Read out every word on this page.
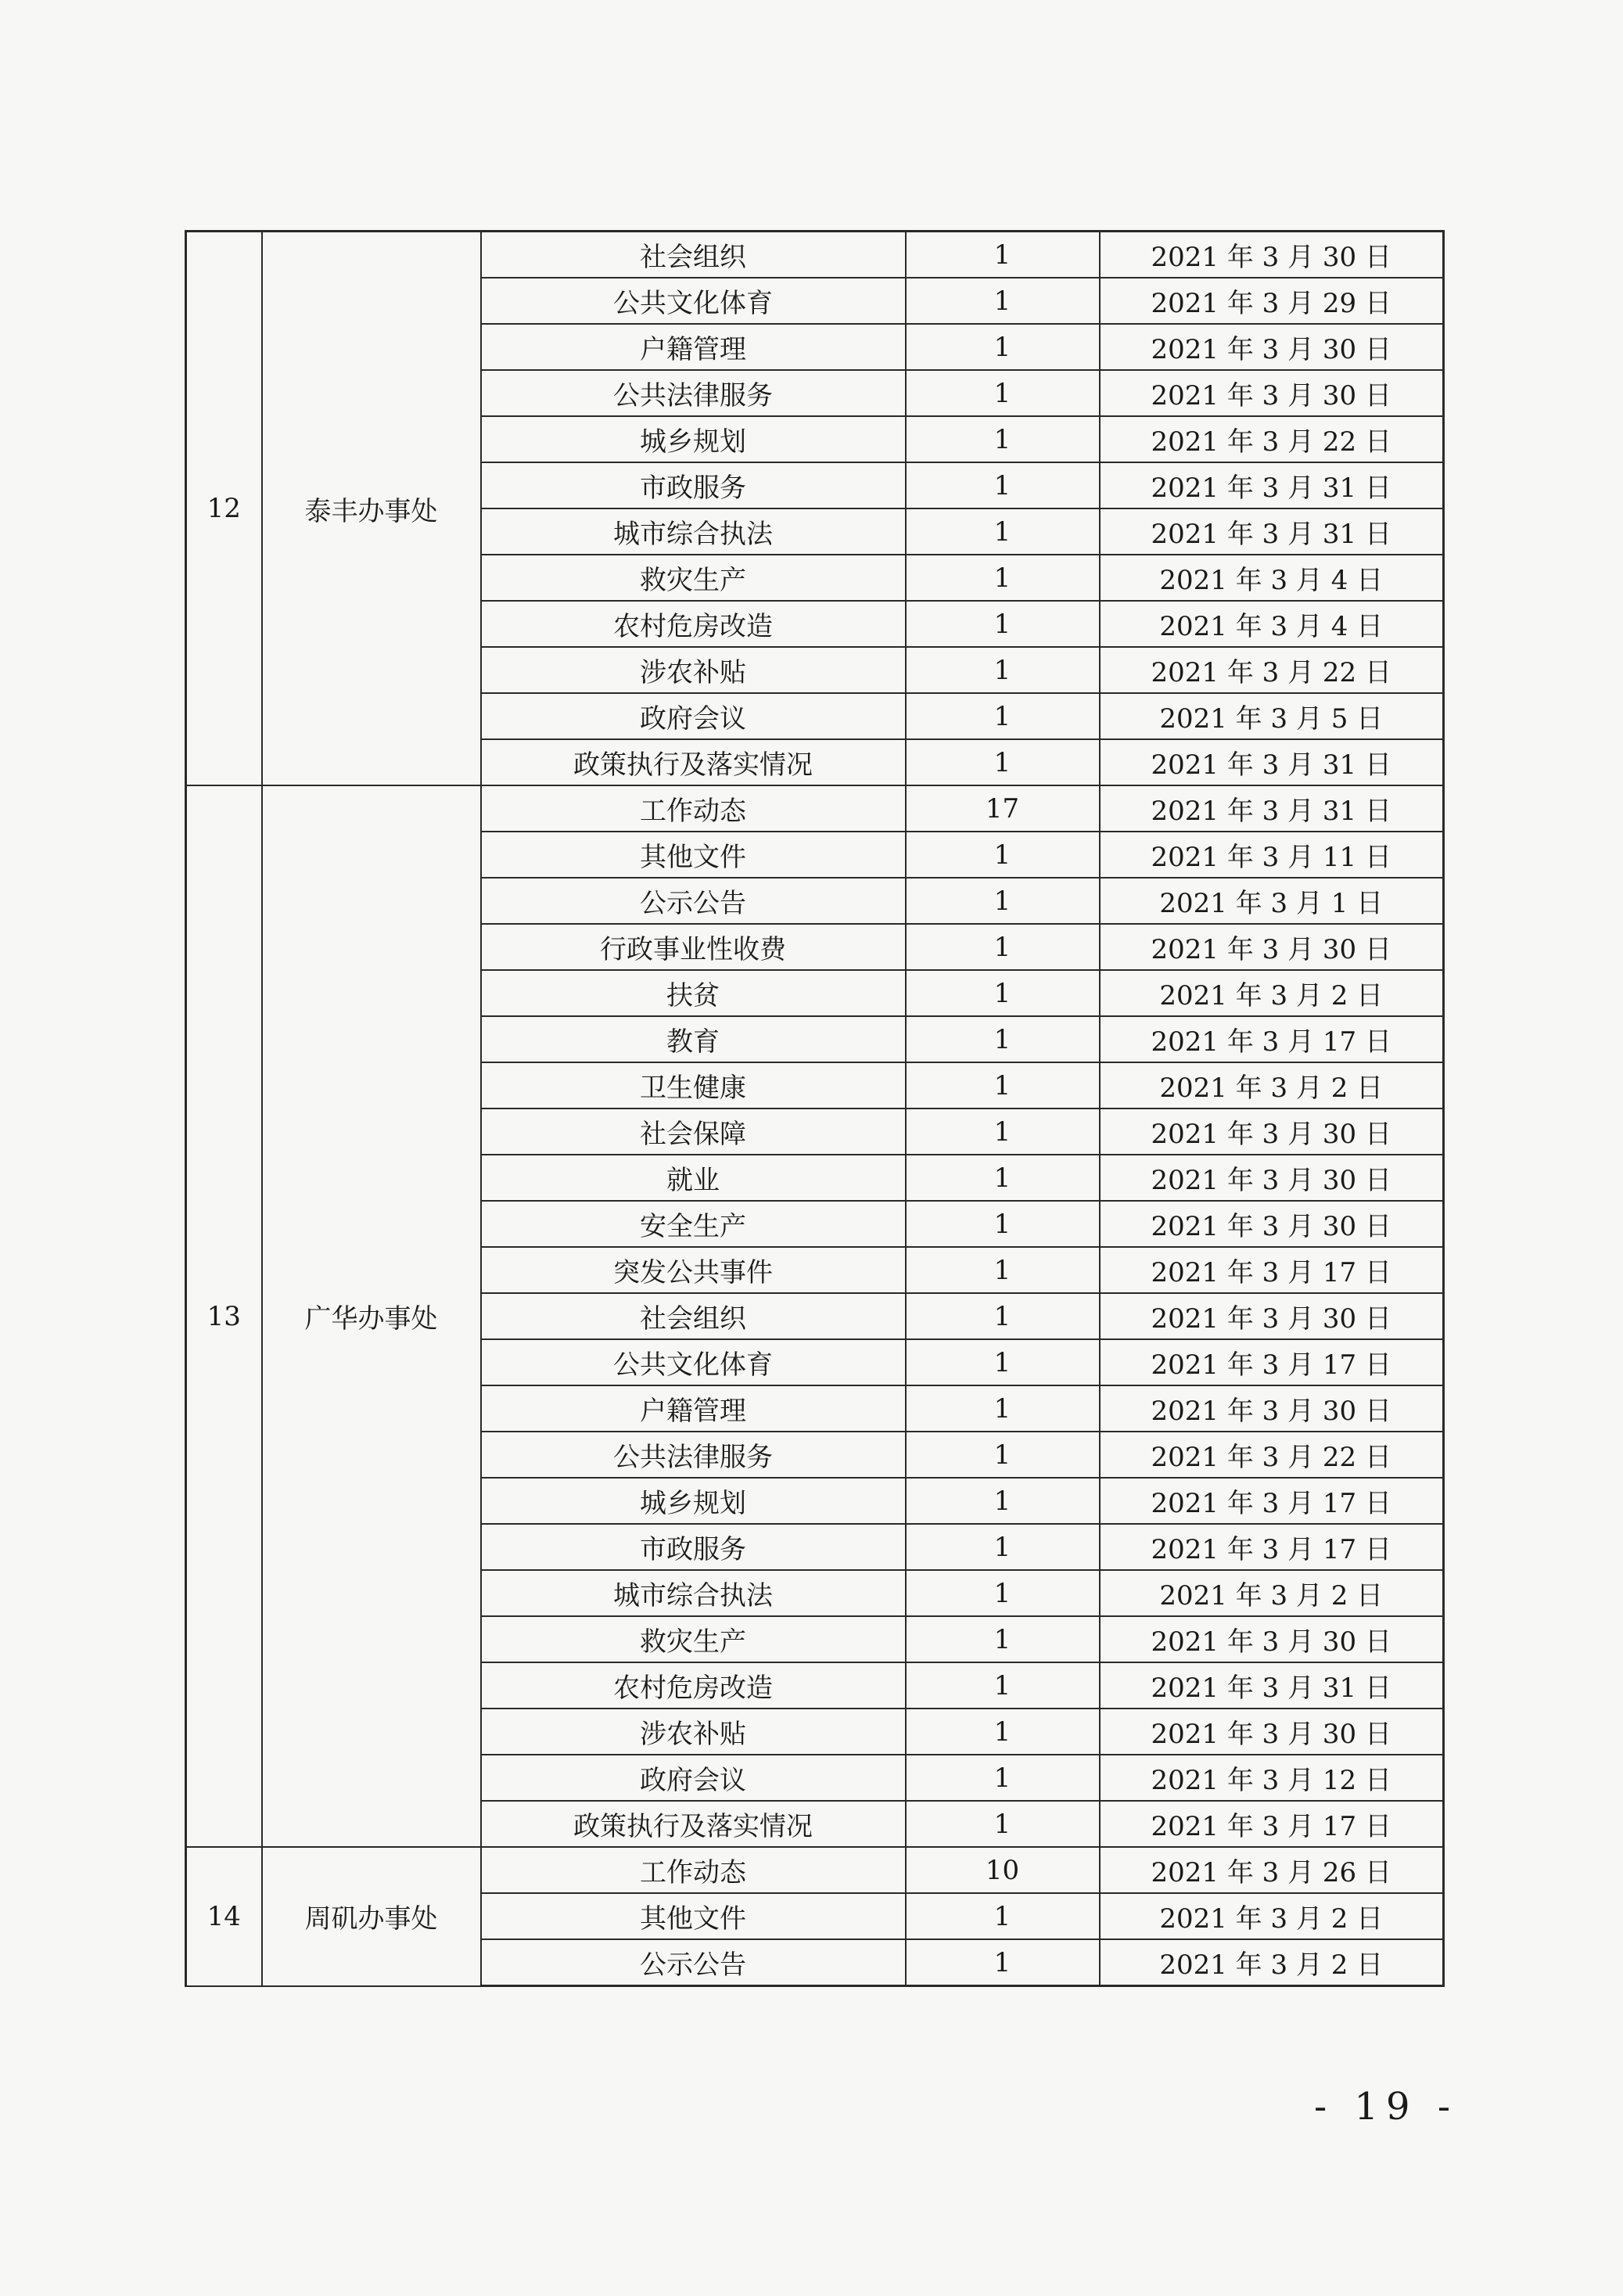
12	泰丰办事处	社会组织	1	2021 年 3 月 30 日
		公共文化体育	1	2021 年 3 月 29 日
		户籍管理	1	2021 年 3 月 30 日
		公共法律服务	1	2021 年 3 月 30 日
		城乡规划	1	2021 年 3 月 22 日
		市政服务	1	2021 年 3 月 31 日
		城市综合执法	1	2021 年 3 月 31 日
		救灾生产	1	2021 年 3 月 4 日
		农村危房改造	1	2021 年 3 月 4 日
		涉农补贴	1	2021 年 3 月 22 日
		政府会议	1	2021 年 3 月 5 日
		政策执行及落实情况	1	2021 年 3 月 31 日
13	广华办事处	工作动态	17	2021 年 3 月 31 日
		其他文件	1	2021 年 3 月 11 日
		公示公告	1	2021 年 3 月 1 日
		行政事业性收费	1	2021 年 3 月 30 日
		扶贫	1	2021 年 3 月 2 日
		教育	1	2021 年 3 月 17 日
		卫生健康	1	2021 年 3 月 2 日
		社会保障	1	2021 年 3 月 30 日
		就业	1	2021 年 3 月 30 日
		安全生产	1	2021 年 3 月 30 日
		突发公共事件	1	2021 年 3 月 17 日
		社会组织	1	2021 年 3 月 30 日
		公共文化体育	1	2021 年 3 月 17 日
		户籍管理	1	2021 年 3 月 30 日
		公共法律服务	1	2021 年 3 月 22 日
		城乡规划	1	2021 年 3 月 17 日
		市政服务	1	2021 年 3 月 17 日
		城市综合执法	1	2021 年 3 月 2 日
		救灾生产	1	2021 年 3 月 30 日
		农村危房改造	1	2021 年 3 月 31 日
		涉农补贴	1	2021 年 3 月 30 日
		政府会议	1	2021 年 3 月 12 日
		政策执行及落实情况	1	2021 年 3 月 17 日
14	周矶办事处	工作动态	10	2021 年 3 月 26 日
		其他文件	1	2021 年 3 月 2 日
		公示公告	1	2021 年 3 月 2 日
- 19 -
